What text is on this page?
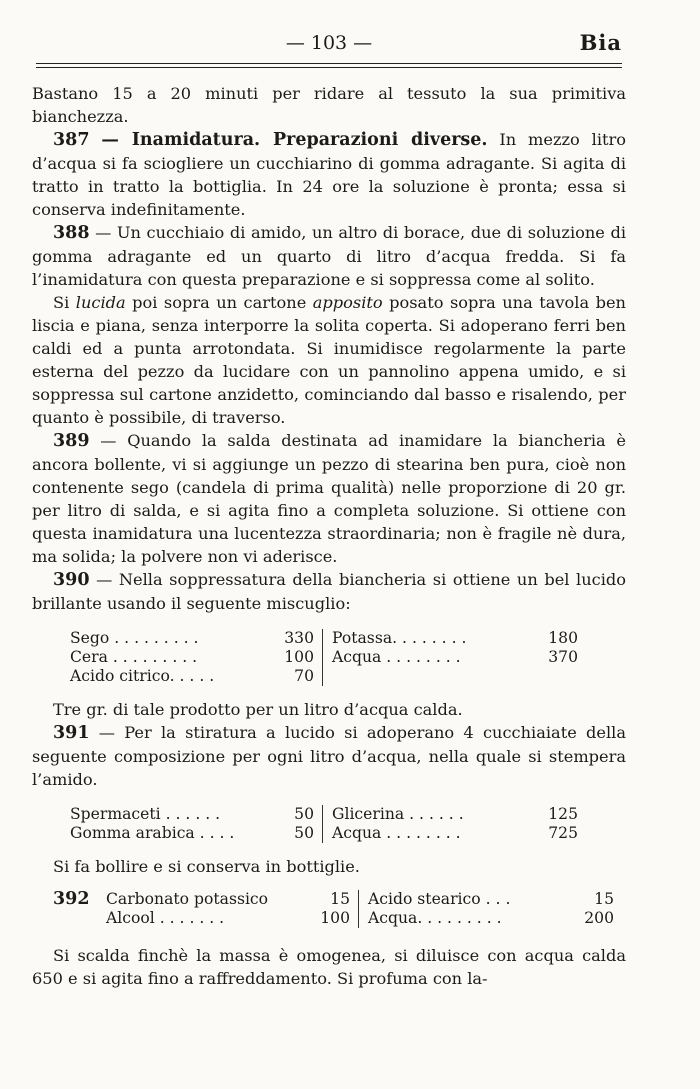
— 103 —	Bia

Bastano 15 a 20 minuti per ridare al tessuto la sua primitiva bianchezza.

387 — Inamidatura. Preparazioni diverse. In mezzo litro d’acqua si fa sciogliere un cucchiarino di gomma adragante. Si agita di tratto in tratto la bottiglia. In 24 ore la soluzione è pronta; essa si conserva indefinitamente.

388 — Un cucchiaio di amido, un altro di borace, due di soluzione di gomma adragante ed un quarto di litro d’acqua fredda. Si fa l’inamidatura con questa preparazione e si soppressa come al solito.

Si lucida poi sopra un cartone apposito posato sopra una tavola ben liscia e piana, senza interporre la solita coperta. Si adoperano ferri ben caldi ed a punta arrotondata. Si inumidisce regolarmente la parte esterna del pezzo da lucidare con un pannolino appena umido, e si soppressa sul cartone anzidetto, cominciando dal basso e risalendo, per quanto è possibile, di traverso.

389 — Quando la salda destinata ad inamidare la biancheria è ancora bollente, vi si aggiunge un pezzo di stearina ben pura, cioè non contenente sego (candela di prima qualità) nelle proporzione di 20 gr. per litro di salda, e si agita fino a completa soluzione. Si ottiene con questa inamidatura una lucentezza straordinaria; non è fragile nè dura, ma solida; la polvere non vi aderisce.

390 — Nella soppressatura della biancheria si ottiene un bel lucido brillante usando il seguente miscuglio:

Sego . . . . . . . . .	330 Potassa. . . . . . . .	180
Cera . . . . . . . . .	100 Acqua . . . . . . . .	370
Acido citrico. . . . .	70

Tre gr. di tale prodotto per un litro d’acqua calda.

391 — Per la stiratura a lucido si adoperano 4 cucchiaiate della seguente composizione per ogni litro d’acqua, nella quale si stempera l’amido.

Spermaceti . . . . . .	50 Glicerina . . . . . .	125
Gomma arabica . . . .	50 Acqua . . . . . . . .	725

Si fa bollire e si conserva in bottiglie.

392 Carbonato potassico	15 Acido stearico . . .	15
Alcool . . . . . . .	100 Acqua. . . . . . . . .	200

Si scalda finchè la massa è omogenea, si diluisce con acqua calda 650 e si agita fino a raffreddamento. Si profuma con la-
